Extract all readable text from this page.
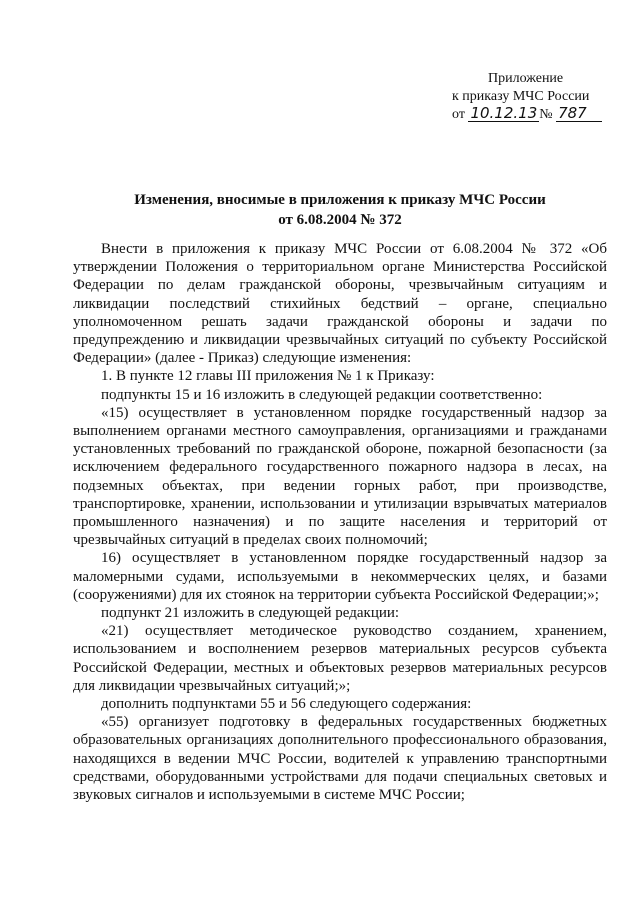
Приложение
к приказу МЧС России
от 10.12.13 № 787
Изменения, вносимые в приложения к приказу МЧС России
от 6.08.2004 № 372

Внести в приложения к приказу МЧС России от 6.08.2004 № 372 «Об утверждении Положения о территориальном органе Министерства Российской Федерации по делам гражданской обороны, чрезвычайным ситуациям и ликвидации последствий стихийных бедствий – органе, специально уполномоченном решать задачи гражданской обороны и задачи по предупреждению и ликвидации чрезвычайных ситуаций по субъекту Российской Федерации» (далее - Приказ) следующие изменения:

1. В пункте 12 главы III приложения № 1 к Приказу:

подпункты 15 и 16 изложить в следующей редакции соответственно:

«15) осуществляет в установленном порядке государственный надзор за выполнением органами местного самоуправления, организациями и гражданами установленных требований по гражданской обороне, пожарной безопасности (за исключением федерального государственного пожарного надзора в лесах, на подземных объектах, при ведении горных работ, при производстве, транспортировке, хранении, использовании и утилизации взрывчатых материалов промышленного назначения) и по защите населения и территорий от чрезвычайных ситуаций в пределах своих полномочий;

16) осуществляет в установленном порядке государственный надзор за маломерными судами, используемыми в некоммерческих целях, и базами (сооружениями) для их стоянок на территории субъекта Российской Федерации;»;

подпункт 21 изложить в следующей редакции:

«21) осуществляет методическое руководство созданием, хранением, использованием и восполнением резервов материальных ресурсов субъекта Российской Федерации, местных и объектовых резервов материальных ресурсов для ликвидации чрезвычайных ситуаций;»;

дополнить подпунктами 55 и 56 следующего содержания:

«55) организует подготовку в федеральных государственных бюджетных образовательных организациях дополнительного профессионального образования, находящихся в ведении МЧС России, водителей к управлению транспортными средствами, оборудованными устройствами для подачи специальных световых и звуковых сигналов и используемыми в системе МЧС России;
